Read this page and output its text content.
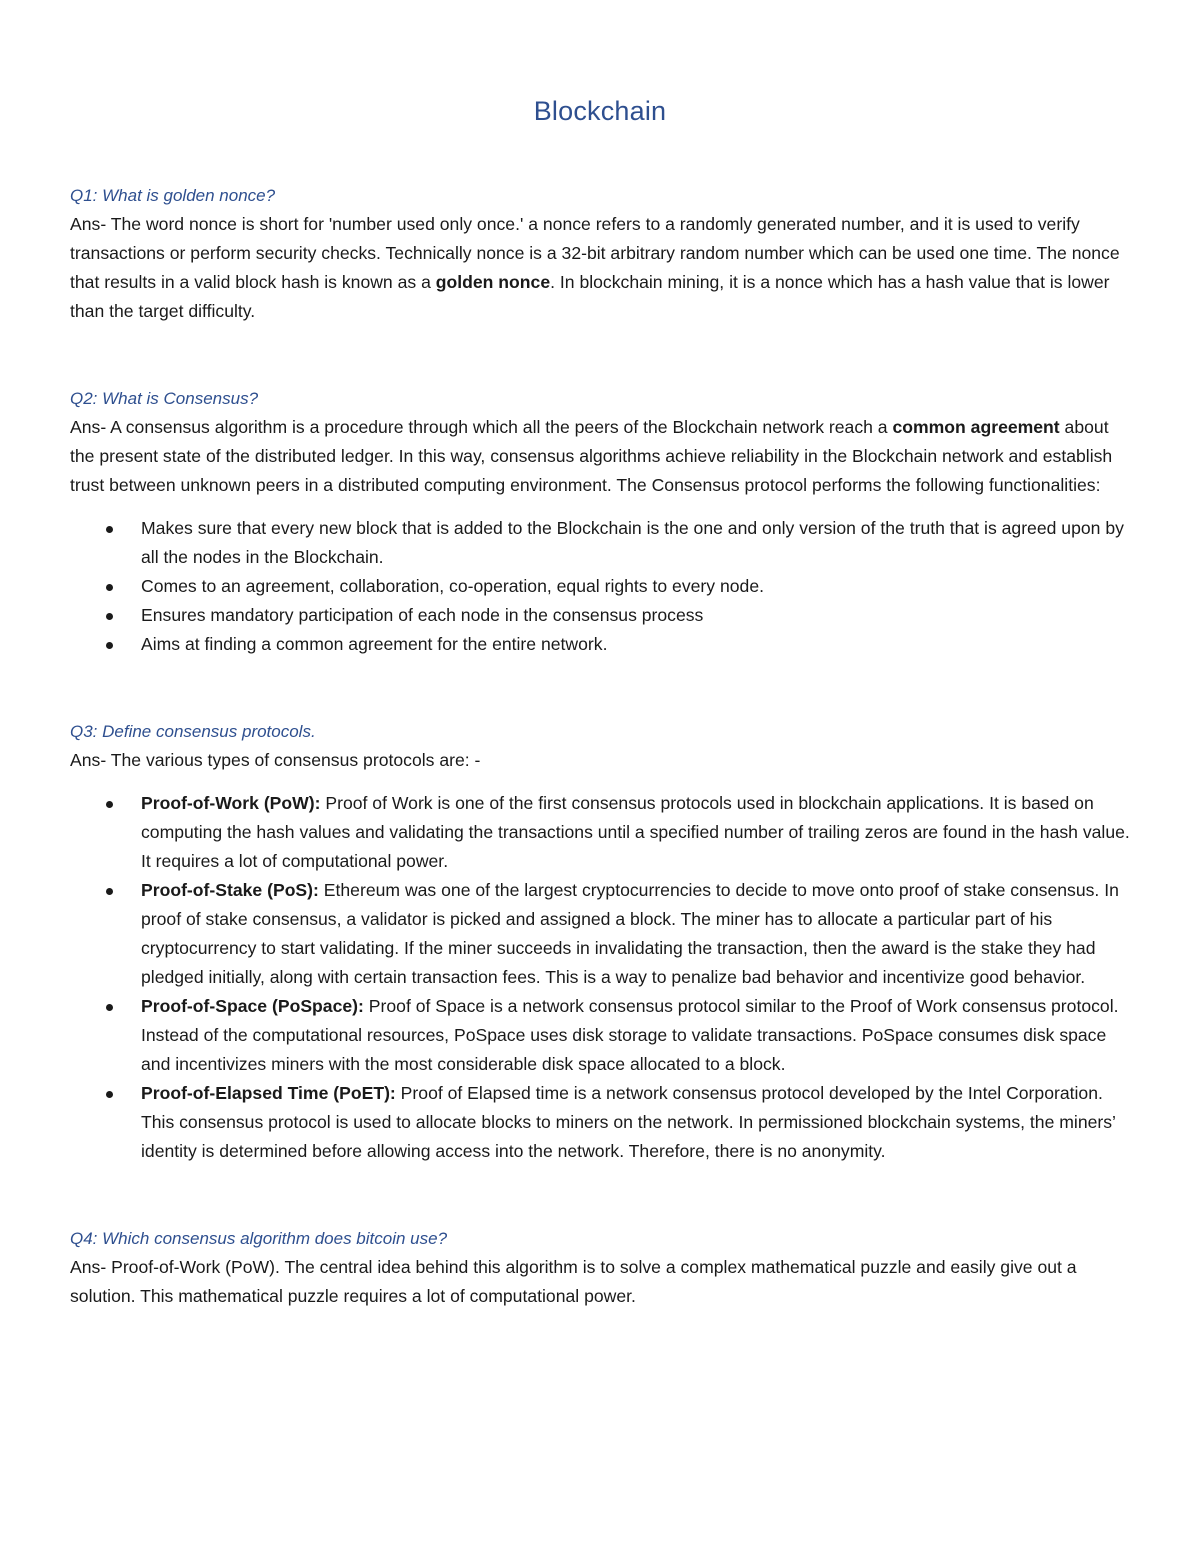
Blockchain
Q1: What is golden nonce?

Ans- The word nonce is short for 'number used only once.' a nonce refers to a randomly generated number, and it is used to verify transactions or perform security checks. Technically nonce is a 32-bit arbitrary random number which can be used one time. The nonce that results in a valid block hash is known as a golden nonce. In blockchain mining, it is a nonce which has a hash value that is lower than the target difficulty.

Q2: What is Consensus?

Ans- A consensus algorithm is a procedure through which all the peers of the Blockchain network reach a common agreement about the present state of the distributed ledger. In this way, consensus algorithms achieve reliability in the Blockchain network and establish trust between unknown peers in a distributed computing environment. The Consensus protocol performs the following functionalities:

Makes sure that every new block that is added to the Blockchain is the one and only version of the truth that is agreed upon by all the nodes in the Blockchain.
Comes to an agreement, collaboration, co-operation, equal rights to every node.
Ensures mandatory participation of each node in the consensus process
Aims at finding a common agreement for the entire network.
Q3: Define consensus protocols.

Ans- The various types of consensus protocols are: -

Proof-of-Work (PoW): Proof of Work is one of the first consensus protocols used in blockchain applications. It is based on computing the hash values and validating the transactions until a specified number of trailing zeros are found in the hash value. It requires a lot of computational power.
Proof-of-Stake (PoS): Ethereum was one of the largest cryptocurrencies to decide to move onto proof of stake consensus. In proof of stake consensus, a validator is picked and assigned a block. The miner has to allocate a particular part of his cryptocurrency to start validating. If the miner succeeds in invalidating the transaction, then the award is the stake they had pledged initially, along with certain transaction fees. This is a way to penalize bad behavior and incentivize good behavior.
Proof-of-Space (PoSpace): Proof of Space is a network consensus protocol similar to the Proof of Work consensus protocol. Instead of the computational resources, PoSpace uses disk storage to validate transactions. PoSpace consumes disk space and incentivizes miners with the most considerable disk space allocated to a block.
Proof-of-Elapsed Time (PoET): Proof of Elapsed time is a network consensus protocol developed by the Intel Corporation. This consensus protocol is used to allocate blocks to miners on the network. In permissioned blockchain systems, the miners’ identity is determined before allowing access into the network. Therefore, there is no anonymity.
Q4: Which consensus algorithm does bitcoin use?

Ans- Proof-of-Work (PoW). The central idea behind this algorithm is to solve a complex mathematical puzzle and easily give out a solution. This mathematical puzzle requires a lot of computational power.
